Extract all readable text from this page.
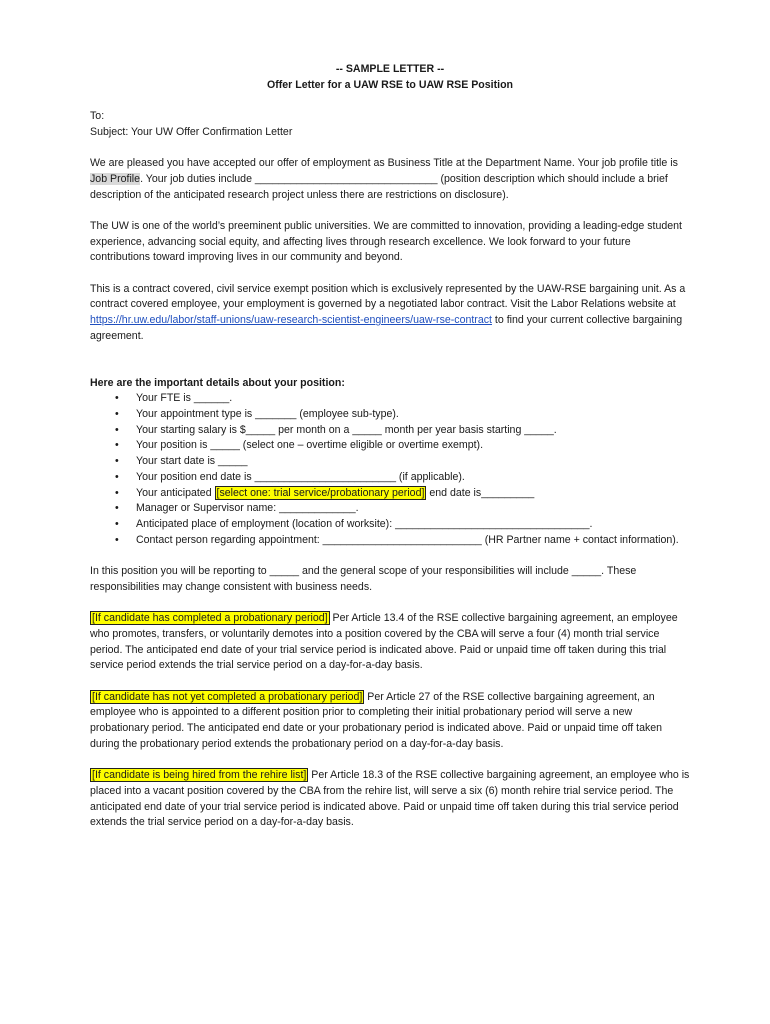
-- SAMPLE LETTER --
Offer Letter for a UAW RSE to UAW RSE Position

To:

Subject: Your UW Offer Confirmation Letter

We are pleased you have accepted our offer of employment as Business Title at the Department Name. Your job profile title is Job Profile. Your job duties include _______________________________ (position description which should include a brief description of the anticipated research project unless there are restrictions on disclosure).

The UW is one of the world’s preeminent public universities. We are committed to innovation, providing a leading-edge student experience, advancing social equity, and affecting lives through research excellence. We look forward to your future contributions toward improving lives in our community and beyond.

This is a contract covered, civil service exempt position which is exclusively represented by the UAW-RSE bargaining unit. As a contract covered employee, your employment is governed by a negotiated labor contract. Visit the Labor Relations website at https://hr.uw.edu/labor/staff-unions/uaw-research-scientist-engineers/uaw-rse-contract to find your current collective bargaining agreement.

Here are the important details about your position:

• Your FTE is ______.
• Your appointment type is _______ (employee sub-type).
• Your starting salary is $_____ per month on a _____ month per year basis starting _____.
• Your position is _____ (select one – overtime eligible or overtime exempt).
• Your start date is _____
• Your position end date is ________________________ (if applicable).
• Your anticipated [select one: trial service/probationary period] end date is_________
• Manager or Supervisor name: _____________.
• Anticipated place of employment (location of worksite): _________________________________.
• Contact person regarding appointment: ___________________________ (HR Partner name + contact information).

In this position you will be reporting to _____ and the general scope of your responsibilities will include _____. These responsibilities may change consistent with business needs.

[If candidate has completed a probationary period] Per Article 13.4 of the RSE collective bargaining agreement, an employee who promotes, transfers, or voluntarily demotes into a position covered by the CBA will serve a four (4) month trial service period. The anticipated end date of your trial service period is indicated above. Paid or unpaid time off taken during this trial service period extends the trial service period on a day-for-a-day basis.

[If candidate has not yet completed a probationary period] Per Article 27 of the RSE collective bargaining agreement, an employee who is appointed to a different position prior to completing their initial probationary period will serve a new probationary period. The anticipated end date or your probationary period is indicated above. Paid or unpaid time off taken during the probationary period extends the probationary period on a day-for-a-day basis.

[If candidate is being hired from the rehire list] Per Article 18.3 of the RSE collective bargaining agreement, an employee who is placed into a vacant position covered by the CBA from the rehire list, will serve a six (6) month rehire trial service period. The anticipated end date of your trial service period is indicated above. Paid or unpaid time off taken during this trial service period extends the trial service period on a day-for-a-day basis.
